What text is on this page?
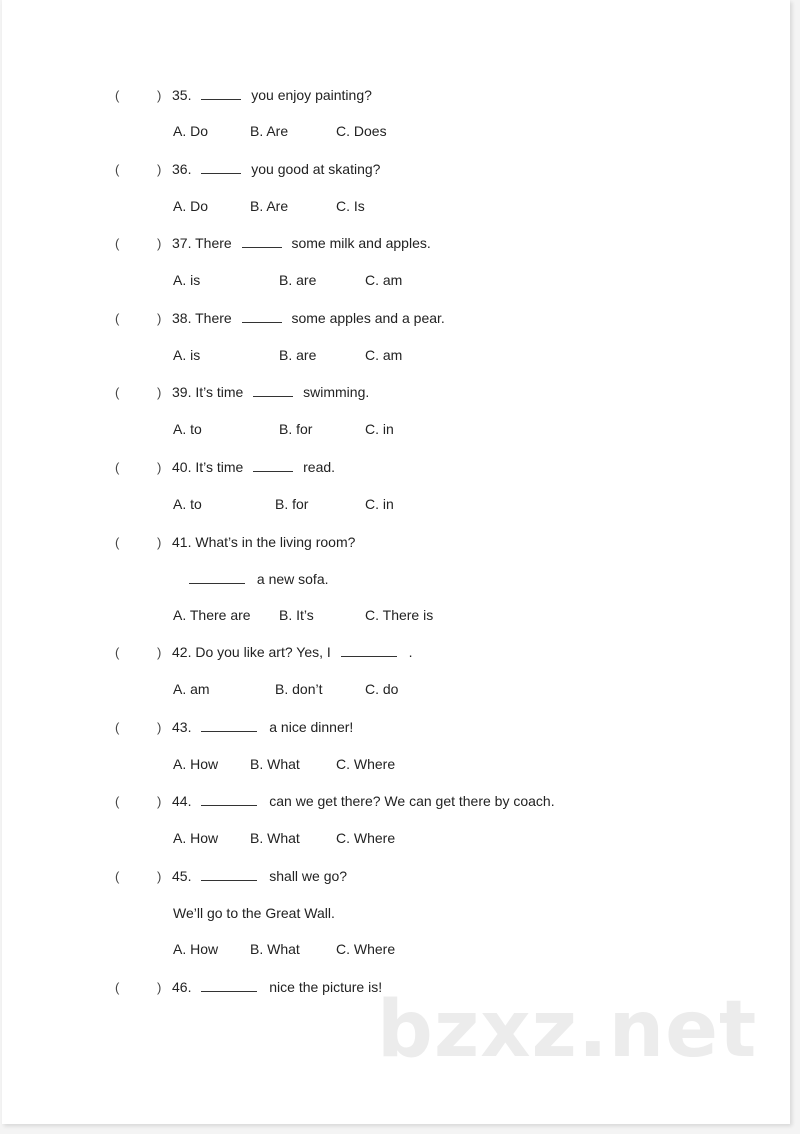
(	) 35.	you enjoy painting?
A. Do	B. Are	C. Does
(	) 36.	you good at skating?
A. Do	B. Are	C. Is
(	) 37. There	some milk and apples.
A. is	B. are	C. am
(	) 38. There	some apples and a pear.
A. is	B. are	C. am
(	) 39. It’s time	swimming.
A. to	B. for	C. in
(	) 40. It’s time	read.
A. to	B. for	C. in
(	) 41. What’s in the living room?
a new sofa.
A. There are B. It’s	C. There is
(	) 42. Do you like art? Yes, I	.
A. am	B. don’t	C. do
(	) 43.	a nice dinner!
A. How B. What	C. Where
(	) 44.	can we get there? We can get there by coach.
A. How B. What	C. Where
(	) 45.	shall we go?
We’ll go to the Great Wall.
A. How B. What	C. Where
(	) 46.	nice the picture is!
bzxz.net
